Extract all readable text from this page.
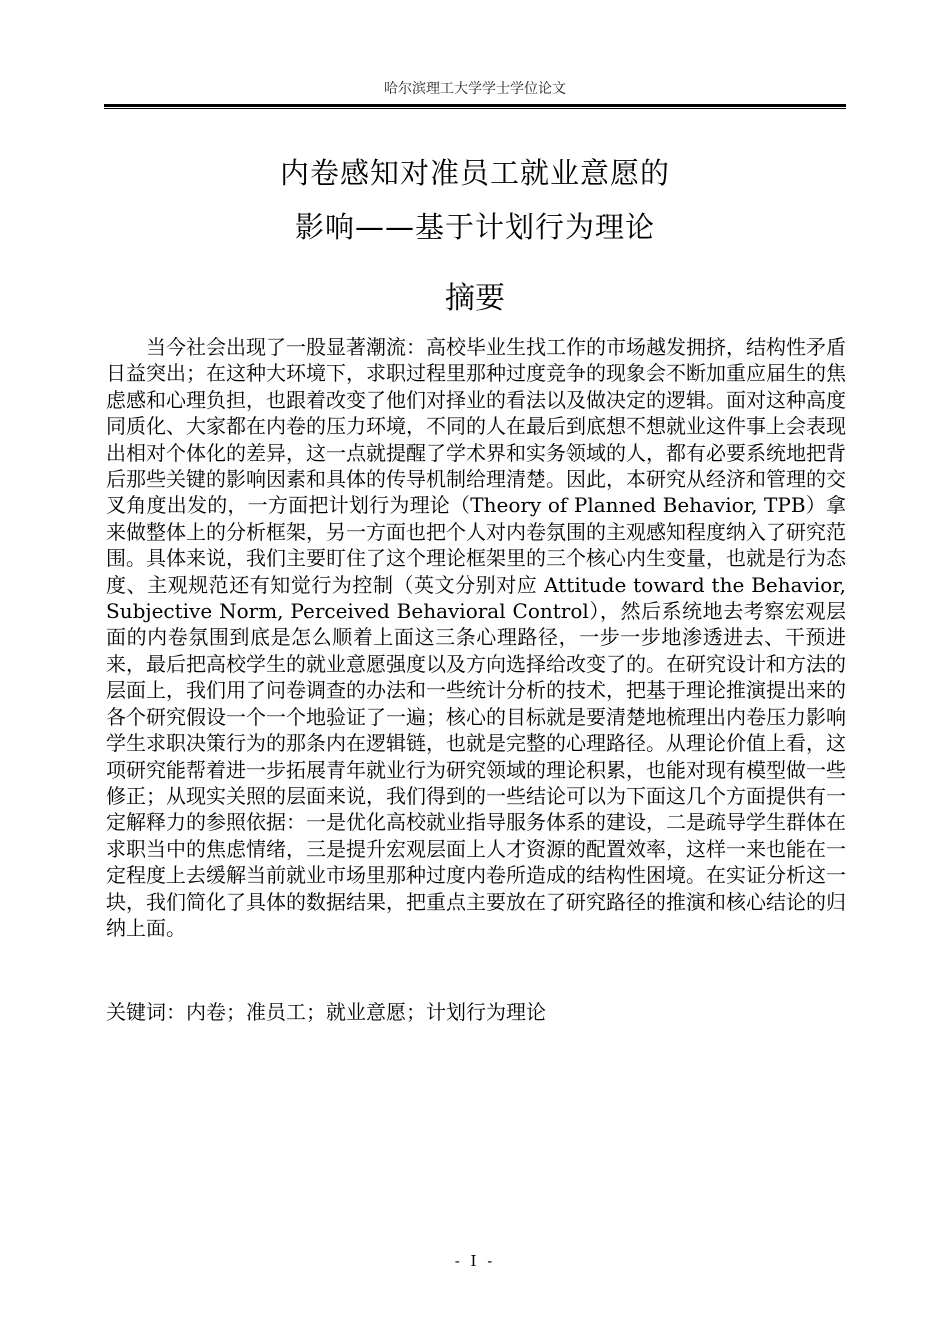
哈尔滨理工大学学士学位论文
内卷感知对准员工就业意愿的
影响——基于计划行为理论
摘要

当今社会出现了一股显著潮流：高校毕业生找工作的市场越发拥挤，结构性矛盾日益突出；在这种大环境下，求职过程里那种过度竞争的现象会不断加重应届生的焦虑感和心理负担，也跟着改变了他们对择业的看法以及做决定的逻辑。面对这种高度同质化、大家都在内卷的压力环境，不同的人在最后到底想不想就业这件事上会表现出相对个体化的差异，这一点就提醒了学术界和实务领域的人，都有必要系统地把背后那些关键的影响因素和具体的传导机制给理清楚。因此，本研究从经济和管理的交叉角度出发的，一方面把计划行为理论（Theory of Planned Behavior, TPB）拿来做整体上的分析框架，另一方面也把个人对内卷氛围的主观感知程度纳入了研究范围。具体来说，我们主要盯住了这个理论框架里的三个核心内生变量，也就是行为态度、主观规范还有知觉行为控制（英文分别对应 Attitude toward the Behavior, Subjective Norm, Perceived Behavioral Control），然后系统地去考察宏观层面的内卷氛围到底是怎么顺着上面这三条心理路径，一步一步地渗透进去、干预进来，最后把高校学生的就业意愿强度以及方向选择给改变了的。在研究设计和方法的层面上，我们用了问卷调查的办法和一些统计分析的技术，把基于理论推演提出来的各个研究假设一个一个地验证了一遍；核心的目标就是要清楚地梳理出内卷压力影响学生求职决策行为的那条内在逻辑链，也就是完整的心理路径。从理论价值上看，这项研究能帮着进一步拓展青年就业行为研究领域的理论积累，也能对现有模型做一些修正；从现实关照的层面来说，我们得到的一些结论可以为下面这几个方面提供有一定解释力的参照依据：一是优化高校就业指导服务体系的建设，二是疏导学生群体在求职当中的焦虑情绪，三是提升宏观层面上人才资源的配置效率，这样一来也能在一定程度上去缓解当前就业市场里那种过度内卷所造成的结构性困境。在实证分析这一块，我们简化了具体的数据结果，把重点主要放在了研究路径的推演和核心结论的归纳上面。

关键词：内卷；准员工；就业意愿；计划行为理论
- I -
